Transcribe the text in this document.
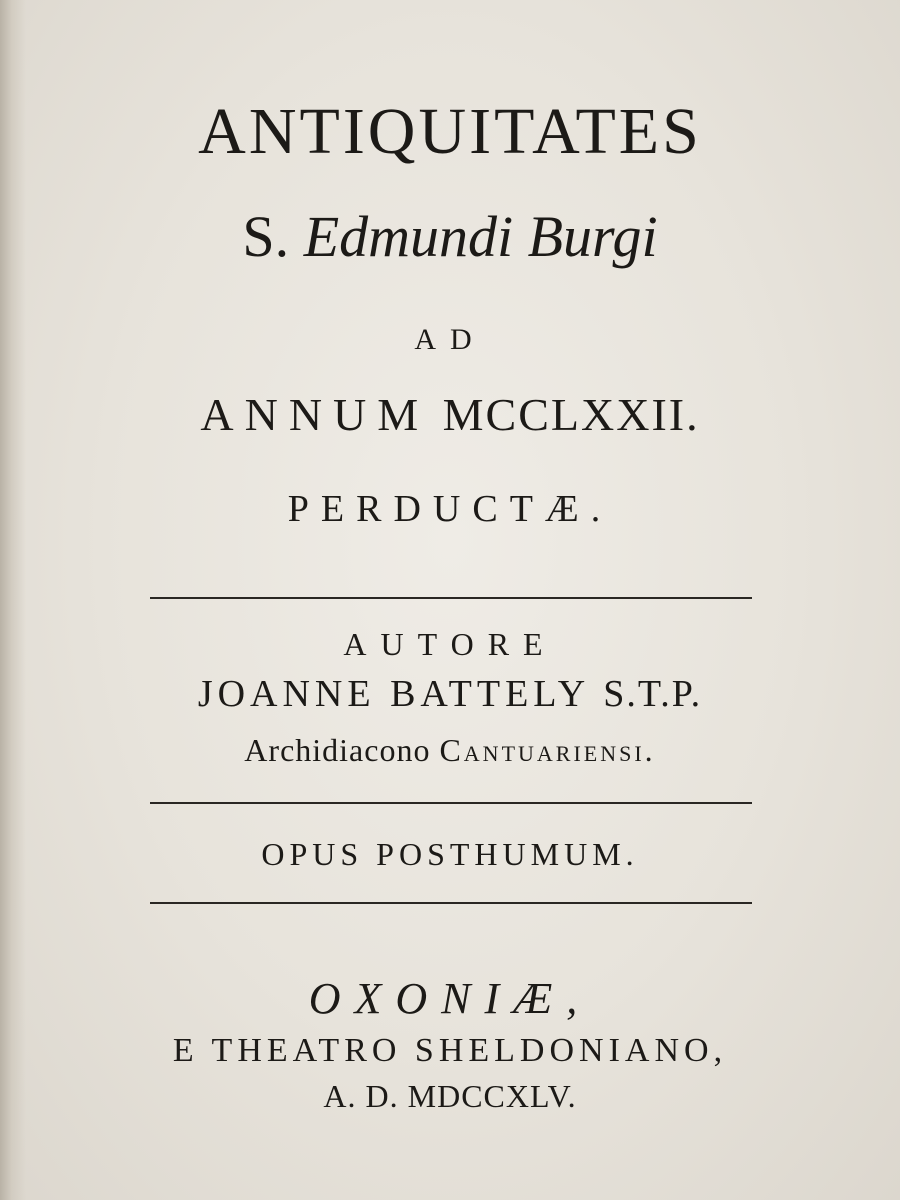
ANTIQUITATES
S. Edmundi Burgi
AD
ANNUM MCCLXXII.
PERDUCTÆ.
AUTORE
JOANNE BATTELY S.T.P.
Archidiacono Cantuariensi.
OPUS POSTHUMUM.
OXONIÆ,
E THEATRO SHELDONIANO,
A. D. MDCCXLV.
